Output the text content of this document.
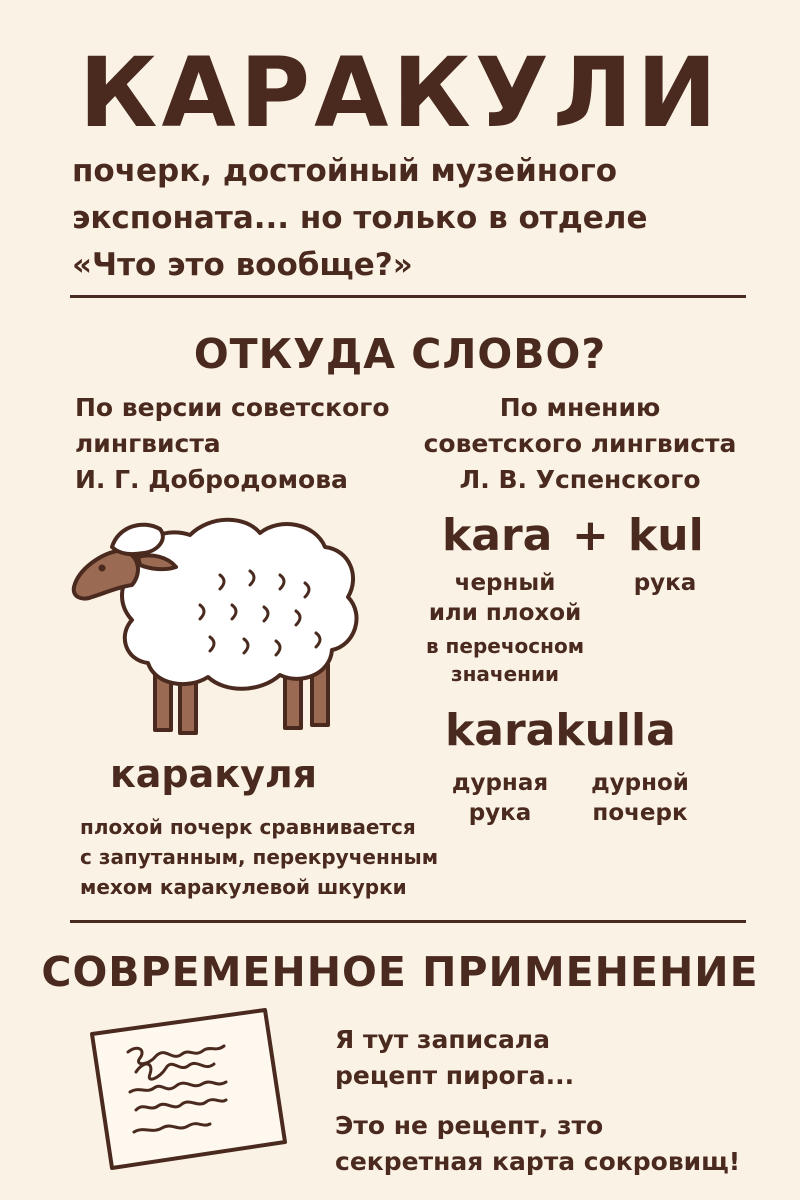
КАРАКУЛИ
почерк, достойный музейного
экспоната... но только в отделе
«Что это вообще?»
ОТКУДА СЛОВО?
По версии советского
лингвиста
И. Г. Добродомова
По мнению
советского лингвиста
Л. В. Успенского
kara + kul
черный
или плохой
в перечосном
значении
рука
karakulla
дурная
рука
дурной
почерк
каракуля
плохой почерк сравнивается
с запутанным, перекрученным
мехом каракулевой шкурки
СОВРЕМЕННОЕ ПРИМЕНЕНИЕ
Я тут записала
рецепт пирога...
Это не рецепт, зто
секретная карта сокровищ!
